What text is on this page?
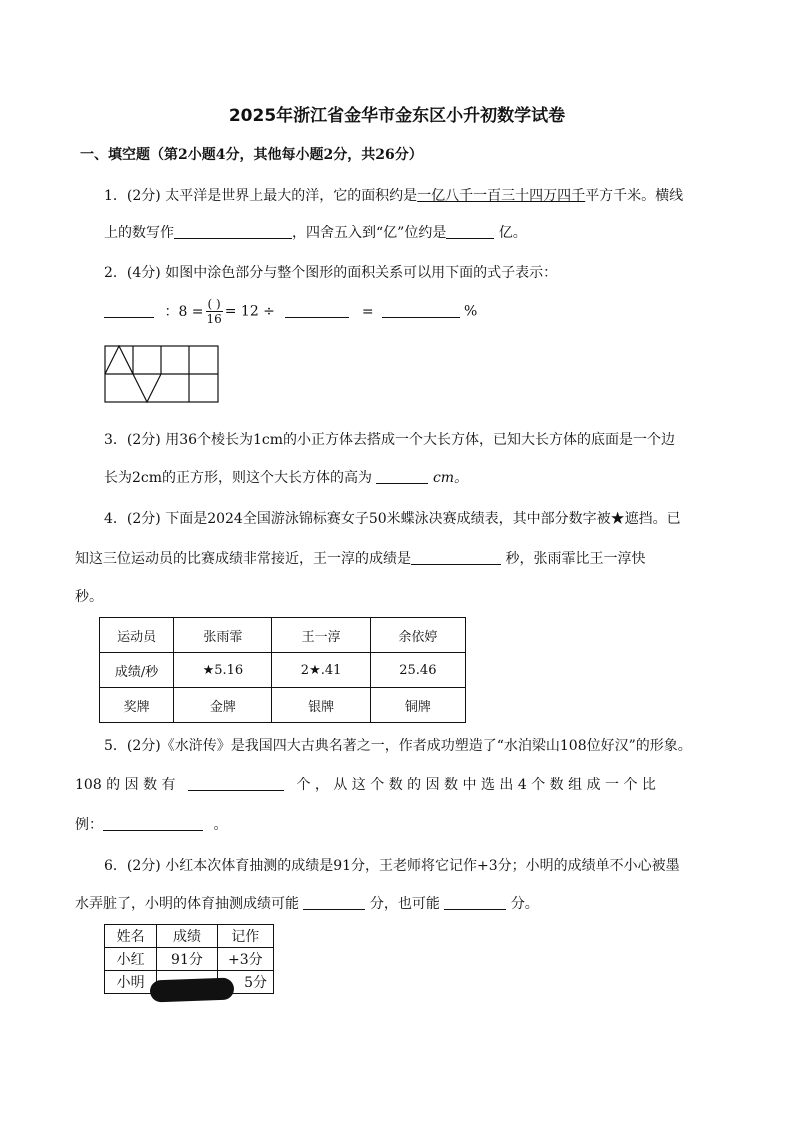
2025年浙江省金华市金东区小升初数学试卷
一、填空题（第2小题4分，其他每小题2分，共26分）
1．(2分) 太平洋是世界上最大的洋，它的面积约是一亿八千一百三十四万四千平方千米。横线
上的数写作	，四舍五入到“亿”位约是	亿。
2．(4分) 如图中涂色部分与整个图形的面积关系可以用下面的式子表示：
：8 = ( )
16 = 12 ÷	=	%
3．(2分) 用36个棱长为1cm的小正方体去搭成一个大长方体，已知大长方体的底面是一个边
长为2cm的正方形，则这个大长方体的高为	cm。
4．(2分) 下面是2024全国游泳锦标赛女子50米蝶泳决赛成绩表，其中部分数字被★遮挡。已
知这三位运动员的比赛成绩非常接近，王一淳的成绩是	秒，张雨霏比王一淳快
秒。
运动员	张雨霏	王一淳	余依婷
成绩/秒	★5.16	2★.41	25.46
奖牌	金牌	银牌	铜牌
5．(2分)《水浒传》是我国四大古典名著之一，作者成功塑造了“水泊梁山108位好汉”的形象。
108 的 因 数 有	个 ， 从 这 个 数 的 因 数 中 选 出 4 个 数 组 成 一 个 比
例：	。
6．(2分) 小红本次体育抽测的成绩是91分，王老师将它记作+3分；小明的成绩单不小心被墨
水弄脏了，小明的体育抽测成绩可能	分，也可能	分。
姓名	成绩	记作
小红	91分	+3分
小明		5分
